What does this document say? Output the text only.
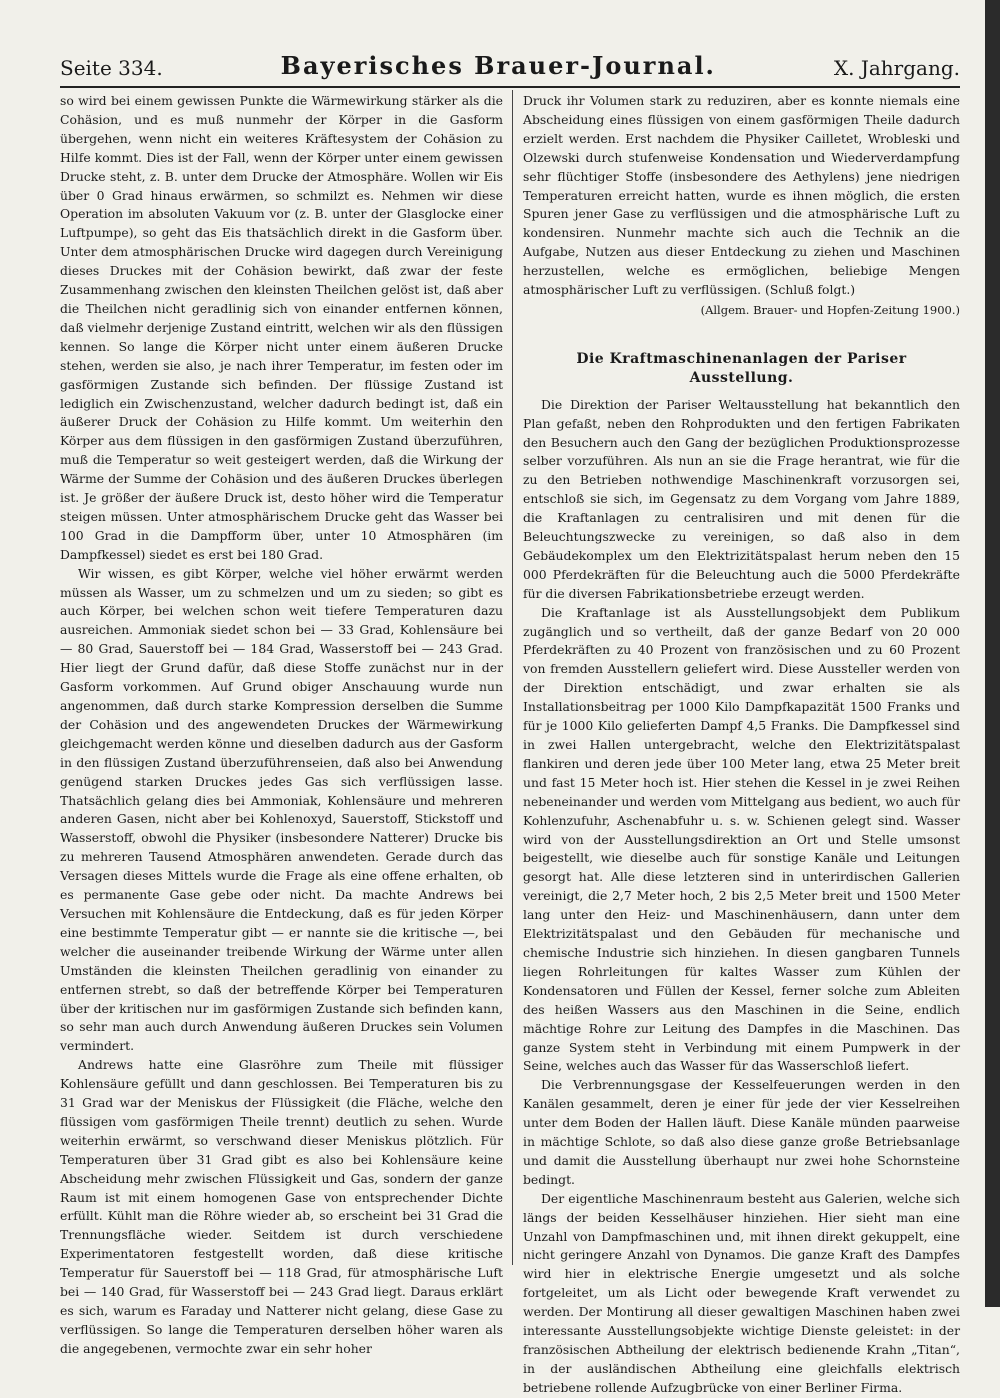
Seite 334.	Bayerisches Brauer-Journal.	X. Jahrgang.

so wird bei einem gewissen Punkte die Wärmewirkung stärker als die Cohäsion, und es muß nunmehr der Körper in die Gasform übergehen, wenn nicht ein weiteres Kräftesystem der Cohäsion zu Hilfe kommt. Dies ist der Fall, wenn der Körper unter einem gewissen Drucke steht, z. B. unter dem Drucke der Atmosphäre. Wollen wir Eis über 0 Grad hinaus erwärmen, so schmilzt es. Nehmen wir diese Operation im absoluten Vakuum vor (z. B. unter der Glasglocke einer Luftpumpe), so geht das Eis thatsächlich direkt in die Gasform über. Unter dem atmosphärischen Drucke wird dagegen durch Vereinigung dieses Druckes mit der Cohäsion bewirkt, daß zwar der feste Zusammenhang zwischen den kleinsten Theilchen gelöst ist, daß aber die Theilchen nicht geradlinig sich von einander entfernen können, daß vielmehr derjenige Zustand eintritt, welchen wir als den flüssigen kennen. So lange die Körper nicht unter einem äußeren Drucke stehen, werden sie also, je nach ihrer Temperatur, im festen oder im gasförmigen Zustande sich befinden. Der flüssige Zustand ist lediglich ein Zwischenzustand, welcher dadurch bedingt ist, daß ein äußerer Druck der Cohäsion zu Hilfe kommt. Um weiterhin den Körper aus dem flüssigen in den gasförmigen Zustand überzuführen, muß die Temperatur so weit gesteigert werden, daß die Wirkung der Wärme der Summe der Cohäsion und des äußeren Druckes überlegen ist. Je größer der äußere Druck ist, desto höher wird die Temperatur steigen müssen. Unter atmosphärischem Drucke geht das Wasser bei 100 Grad in die Dampfform über, unter 10 Atmosphären (im Dampfkessel) siedet es erst bei 180 Grad.

Wir wissen, es gibt Körper, welche viel höher erwärmt werden müssen als Wasser, um zu schmelzen und um zu sieden; so gibt es auch Körper, bei welchen schon weit tiefere Temperaturen dazu ausreichen. Ammoniak siedet schon bei — 33 Grad, Kohlensäure bei — 80 Grad, Sauerstoff bei — 184 Grad, Wasserstoff bei — 243 Grad. Hier liegt der Grund dafür, daß diese Stoffe zunächst nur in der Gasform vorkommen. Auf Grund obiger Anschauung wurde nun angenommen, daß durch starke Kompression derselben die Summe der Cohäsion und des angewendeten Druckes der Wärmewirkung gleichgemacht werden könne und dieselben dadurch aus der Gasform in den flüssigen Zustand überzuführenseien, daß also bei Anwendung genügend starken Druckes jedes Gas sich verflüssigen lasse. Thatsächlich gelang dies bei Ammoniak, Kohlensäure und mehreren anderen Gasen, nicht aber bei Kohlenoxyd, Sauerstoff, Stickstoff und Wasserstoff, obwohl die Physiker (insbesondere Natterer) Drucke bis zu mehreren Tausend Atmosphären anwendeten. Gerade durch das Versagen dieses Mittels wurde die Frage als eine offene erhalten, ob es permanente Gase gebe oder nicht. Da machte Andrews bei Versuchen mit Kohlensäure die Entdeckung, daß es für jeden Körper eine bestimmte Temperatur gibt — er nannte sie die kritische —, bei welcher die auseinander treibende Wirkung der Wärme unter allen Umständen die kleinsten Theilchen geradlinig von einander zu entfernen strebt, so daß der betreffende Körper bei Temperaturen über der kritischen nur im gasförmigen Zustande sich befinden kann, so sehr man auch durch Anwendung äußeren Druckes sein Volumen vermindert.

Andrews hatte eine Glasröhre zum Theile mit flüssiger Kohlensäure gefüllt und dann geschlossen. Bei Temperaturen bis zu 31 Grad war der Meniskus der Flüssigkeit (die Fläche, welche den flüssigen vom gasförmigen Theile trennt) deutlich zu sehen. Wurde weiterhin erwärmt, so verschwand dieser Meniskus plötzlich. Für Temperaturen über 31 Grad gibt es also bei Kohlensäure keine Abscheidung mehr zwischen Flüssigkeit und Gas, sondern der ganze Raum ist mit einem homogenen Gase von entsprechender Dichte erfüllt. Kühlt man die Röhre wieder ab, so erscheint bei 31 Grad die Trennungsfläche wieder. Seitdem ist durch verschiedene Experimentatoren festgestellt worden, daß diese kritische Temperatur für Sauerstoff bei — 118 Grad, für atmosphärische Luft bei — 140 Grad, für Wasserstoff bei — 243 Grad liegt. Daraus erklärt es sich, warum es Faraday und Natterer nicht gelang, diese Gase zu verflüssigen. So lange die Temperaturen derselben höher waren als die angegebenen, vermochte zwar ein sehr hoher

Druck ihr Volumen stark zu reduziren, aber es konnte niemals eine Abscheidung eines flüssigen von einem gasförmigen Theile dadurch erzielt werden. Erst nachdem die Physiker Cailletet, Wrobleski und Olzewski durch stufenweise Kondensation und Wiederverdampfung sehr flüchtiger Stoffe (insbesondere des Aethylens) jene niedrigen Temperaturen erreicht hatten, wurde es ihnen möglich, die ersten Spuren jener Gase zu verflüssigen und die atmosphärische Luft zu kondensiren. Nunmehr machte sich auch die Technik an die Aufgabe, Nutzen aus dieser Entdeckung zu ziehen und Maschinen herzustellen, welche es ermöglichen, beliebige Mengen atmosphärischer Luft zu verflüssigen. (Schluß folgt.)

(Allgem. Brauer- und Hopfen-Zeitung 1900.)
Die Kraftmaschinenanlagen der Pariser Ausstellung.

Die Direktion der Pariser Weltausstellung hat bekanntlich den Plan gefaßt, neben den Rohprodukten und den fertigen Fabrikaten den Besuchern auch den Gang der bezüglichen Produktionsprozesse selber vorzuführen. Als nun an sie die Frage herantrat, wie für die zu den Betrieben nothwendige Maschinenkraft vorzusorgen sei, entschloß sie sich, im Gegensatz zu dem Vorgang vom Jahre 1889, die Kraftanlagen zu centralisiren und mit denen für die Beleuchtungszwecke zu vereinigen, so daß also in dem Gebäudekomplex um den Elektrizitätspalast herum neben den 15 000 Pferdekräften für die Beleuchtung auch die 5000 Pferdekräfte für die diversen Fabrikationsbetriebe erzeugt werden.

Die Kraftanlage ist als Ausstellungsobjekt dem Publikum zugänglich und so vertheilt, daß der ganze Bedarf von 20 000 Pferdekräften zu 40 Prozent von französischen und zu 60 Prozent von fremden Ausstellern geliefert wird. Diese Aussteller werden von der Direktion entschädigt, und zwar erhalten sie als Installationsbeitrag per 1000 Kilo Dampfkapazität 1500 Franks und für je 1000 Kilo gelieferten Dampf 4,5 Franks. Die Dampfkessel sind in zwei Hallen untergebracht, welche den Elektrizitätspalast flankiren und deren jede über 100 Meter lang, etwa 25 Meter breit und fast 15 Meter hoch ist. Hier stehen die Kessel in je zwei Reihen nebeneinander und werden vom Mittelgang aus bedient, wo auch für Kohlenzufuhr, Aschenabfuhr u. s. w. Schienen gelegt sind. Wasser wird von der Ausstellungsdirektion an Ort und Stelle umsonst beigestellt, wie dieselbe auch für sonstige Kanäle und Leitungen gesorgt hat. Alle diese letzteren sind in unterirdischen Gallerien vereinigt, die 2,7 Meter hoch, 2 bis 2,5 Meter breit und 1500 Meter lang unter den Heiz- und Maschinenhäusern, dann unter dem Elektrizitätspalast und den Gebäuden für mechanische und chemische Industrie sich hinziehen. In diesen gangbaren Tunnels liegen Rohrleitungen für kaltes Wasser zum Kühlen der Kondensatoren und Füllen der Kessel, ferner solche zum Ableiten des heißen Wassers aus den Maschinen in die Seine, endlich mächtige Rohre zur Leitung des Dampfes in die Maschinen. Das ganze System steht in Verbindung mit einem Pumpwerk in der Seine, welches auch das Wasser für das Wasserschloß liefert.

Die Verbrennungsgase der Kesselfeuerungen werden in den Kanälen gesammelt, deren je einer für jede der vier Kesselreihen unter dem Boden der Hallen läuft. Diese Kanäle münden paarweise in mächtige Schlote, so daß also diese ganze große Betriebsanlage und damit die Ausstellung überhaupt nur zwei hohe Schornsteine bedingt.

Der eigentliche Maschinenraum besteht aus Galerien, welche sich längs der beiden Kesselhäuser hinziehen. Hier sieht man eine Unzahl von Dampfmaschinen und, mit ihnen direkt gekuppelt, eine nicht geringere Anzahl von Dynamos. Die ganze Kraft des Dampfes wird hier in elektrische Energie umgesetzt und als solche fortgeleitet, um als Licht oder bewegende Kraft verwendet zu werden. Der Montirung all dieser gewaltigen Maschinen haben zwei interessante Ausstellungsobjekte wichtige Dienste geleistet: in der französischen Abtheilung der elektrisch bedienende Krahn „Titan“, in der ausländischen Abtheilung eine gleichfalls elektrisch betriebene rollende Aufzugbrücke von einer Berliner Firma.
